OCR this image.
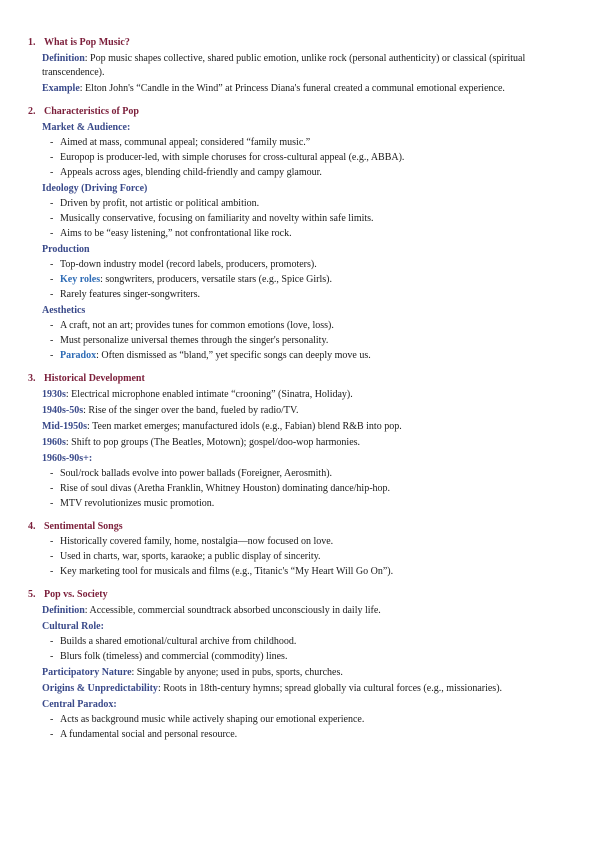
1. What is Pop Music?
Definition: Pop music shapes collective, shared public emotion, unlike rock (personal authenticity) or classical (spiritual transcendence).
Example: Elton John's “Candle in the Wind” at Princess Diana's funeral created a communal emotional experience.
2. Characteristics of Pop
Market & Audience:
- Aimed at mass, communal appeal; considered “family music.”
- Europop is producer-led, with simple choruses for cross-cultural appeal (e.g., ABBA).
- Appeals across ages, blending child-friendly and campy glamour.
Ideology (Driving Force)
- Driven by profit, not artistic or political ambition.
- Musically conservative, focusing on familiarity and novelty within safe limits.
- Aims to be “easy listening,” not confrontational like rock.
Production
- Top-down industry model (record labels, producers, promoters).
- Key roles: songwriters, producers, versatile stars (e.g., Spice Girls).
- Rarely features singer-songwriters.
Aesthetics
- A craft, not an art; provides tunes for common emotions (love, loss).
- Must personalize universal themes through the singer's personality.
- Paradox: Often dismissed as “bland,” yet specific songs can deeply move us.
3. Historical Development
1930s: Electrical microphone enabled intimate “crooning” (Sinatra, Holiday).
1940s-50s: Rise of the singer over the band, fueled by radio/TV.
Mid-1950s: Teen market emerges; manufactured idols (e.g., Fabian) blend R&B into pop.
1960s: Shift to pop groups (The Beatles, Motown); gospel/doo-wop harmonies.
1960s-90s+:
- Soul/rock ballads evolve into power ballads (Foreigner, Aerosmith).
- Rise of soul divas (Aretha Franklin, Whitney Houston) dominating dance/hip-hop.
- MTV revolutionizes music promotion.
4. Sentimental Songs
- Historically covered family, home, nostalgia—now focused on love.
- Used in charts, war, sports, karaoke; a public display of sincerity.
- Key marketing tool for musicals and films (e.g., Titanic's “My Heart Will Go On”).
5. Pop vs. Society
Definition: Accessible, commercial soundtrack absorbed unconsciously in daily life.
Cultural Role:
- Builds a shared emotional/cultural archive from childhood.
- Blurs folk (timeless) and commercial (commodity) lines.
Participatory Nature: Singable by anyone; used in pubs, sports, churches.
Origins & Unpredictability: Roots in 18th-century hymns; spread globally via cultural forces (e.g., missionaries).
Central Paradox:
- Acts as background music while actively shaping our emotional experience.
- A fundamental social and personal resource.
